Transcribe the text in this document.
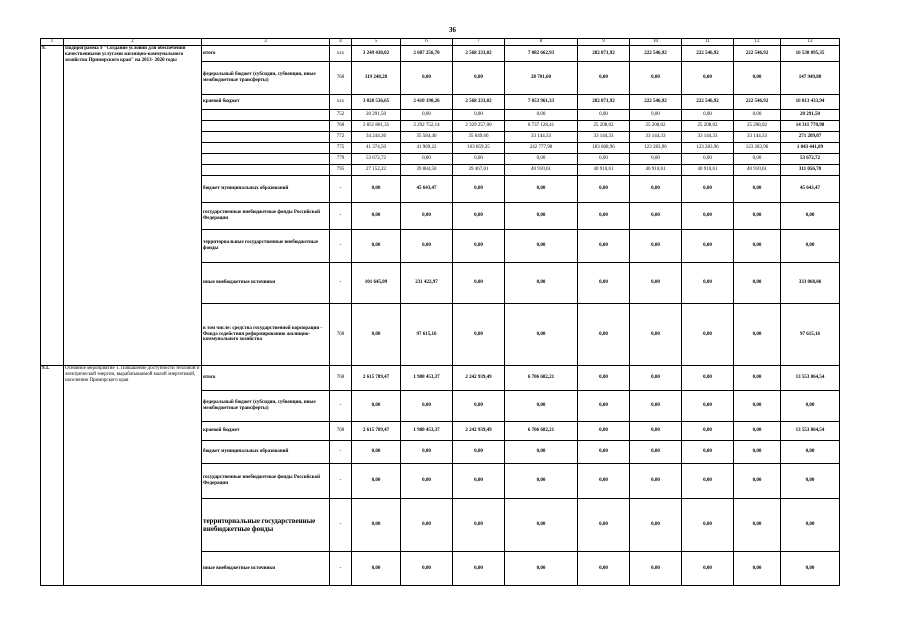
36
1	2	3	4	5	6	7	8	9	10	11	12	13
9.	Подпрограмма 9 "Создание условий для обеспечения качественными услугами жилищно-коммунального хозяйства Приморского края" на 2013- 2020 годы	итого	ххх	3 249 430,02	2 687 256,70	2 568 233,02	7 082 662,93	282 871,92	222 546,92	222 546,92	222 546,92	16 538 095,35
		федеральный бюджет (субсидии, субвенции, иные межбюджетные трансферты)	768	119 248,28	0,00	0,00	28 701,60	0,00	0,00	0,00	0,00	147 949,88
		краевой бюджет	ххх	3 028 536,65	2 410 190,26	2 568 233,02	7 053 961,33	282 871,92	222 546,92	222 546,92	222 546,92	16 013 433,94
			752	20 291,50	0,00	0,00	0,00	0,00	0,00	0,00	0,00	20 291,50
			768	2 851 801,35	2 292 752,14	2 329 257,00	6 737 128,41	25 208,02	25 208,02	25 208,02	25 208,02	14 311 770,98
			772	34 244,36	35 584,40	35 649,66	33 144,33	33 144,33	33 144,33	33 144,33	33 144,33	271 209,07
			775	41 374,50	41 969,22	163 859,35	242 777,98	183 608,96	123 283,96	123 283,96	123 283,96	1 043 441,89
			779	53 672,72	0,00	0,00	0,00	0,00	0,00	0,00	0,00	53 672,72
			795	27 152,22	39 884,50	39 467,01	40 910,61	40 910,61	40 910,61	40 910,61	40 910,61	311 056,78
		бюджет муниципальных образований	-	0,00	45 643,47	0,00	0,00	0,00	0,00	0,00	0,00	45 643,47
		государственные внебюджетные фонды Российской Федерации	-	0,00	0,00	0,00	0,00	0,00	0,00	0,00	0,00	0,00
		территориальные государственные внебюджетные фонды	-	0,00	0,00	0,00	0,00	0,00	0,00	0,00	0,00	0,00
		иные внебюджетные источники	-	101 645,09	231 422,97	0,00	0,00	0,00	0,00	0,00	0,00	333 068,06
		в том числе: средства государственной корпорации - Фонда содействия реформированию жилищно-коммунального хозяйства	768	0,00	97 615,16	0,00	0,00	0,00	0,00	0,00	0,00	97 615,16
9.1.	Основное мероприятие 1. Повышение доступности тепловой и электрической энергии, вырабатываемой малой энергетикой, населению Приморского края	итого	768	2 615 789,47	1 988 453,37	2 242 939,49	6 706 682,21	0,00	0,00	0,00	0,00	13 553 864,54
		федеральный бюджет (субсидии, субвенции, иные межбюджетные трансферты)	-	0,00	0,00	0,00	0,00	0,00	0,00	0,00	0,00	0,00
		краевой бюджет	768	2 615 789,47	1 988 453,37	2 242 939,49	6 706 682,21	0,00	0,00	0,00	0,00	13 553 864,54
		бюджет муниципальных образований	-	0,00	0,00	0,00	0,00	0,00	0,00	0,00	0,00	0,00
		государственные внебюджетные фонды Российской Федерации	-	0,00	0,00	0,00	0,00	0,00	0,00	0,00	0,00	0,00
		территориальные государственные внебюджетные фонды	-	0,00	0,00	0,00	0,00	0,00	0,00	0,00	0,00	0,00
		иные внебюджетные источники	-	0,00	0,00	0,00	0,00	0,00	0,00	0,00	0,00	0,00
